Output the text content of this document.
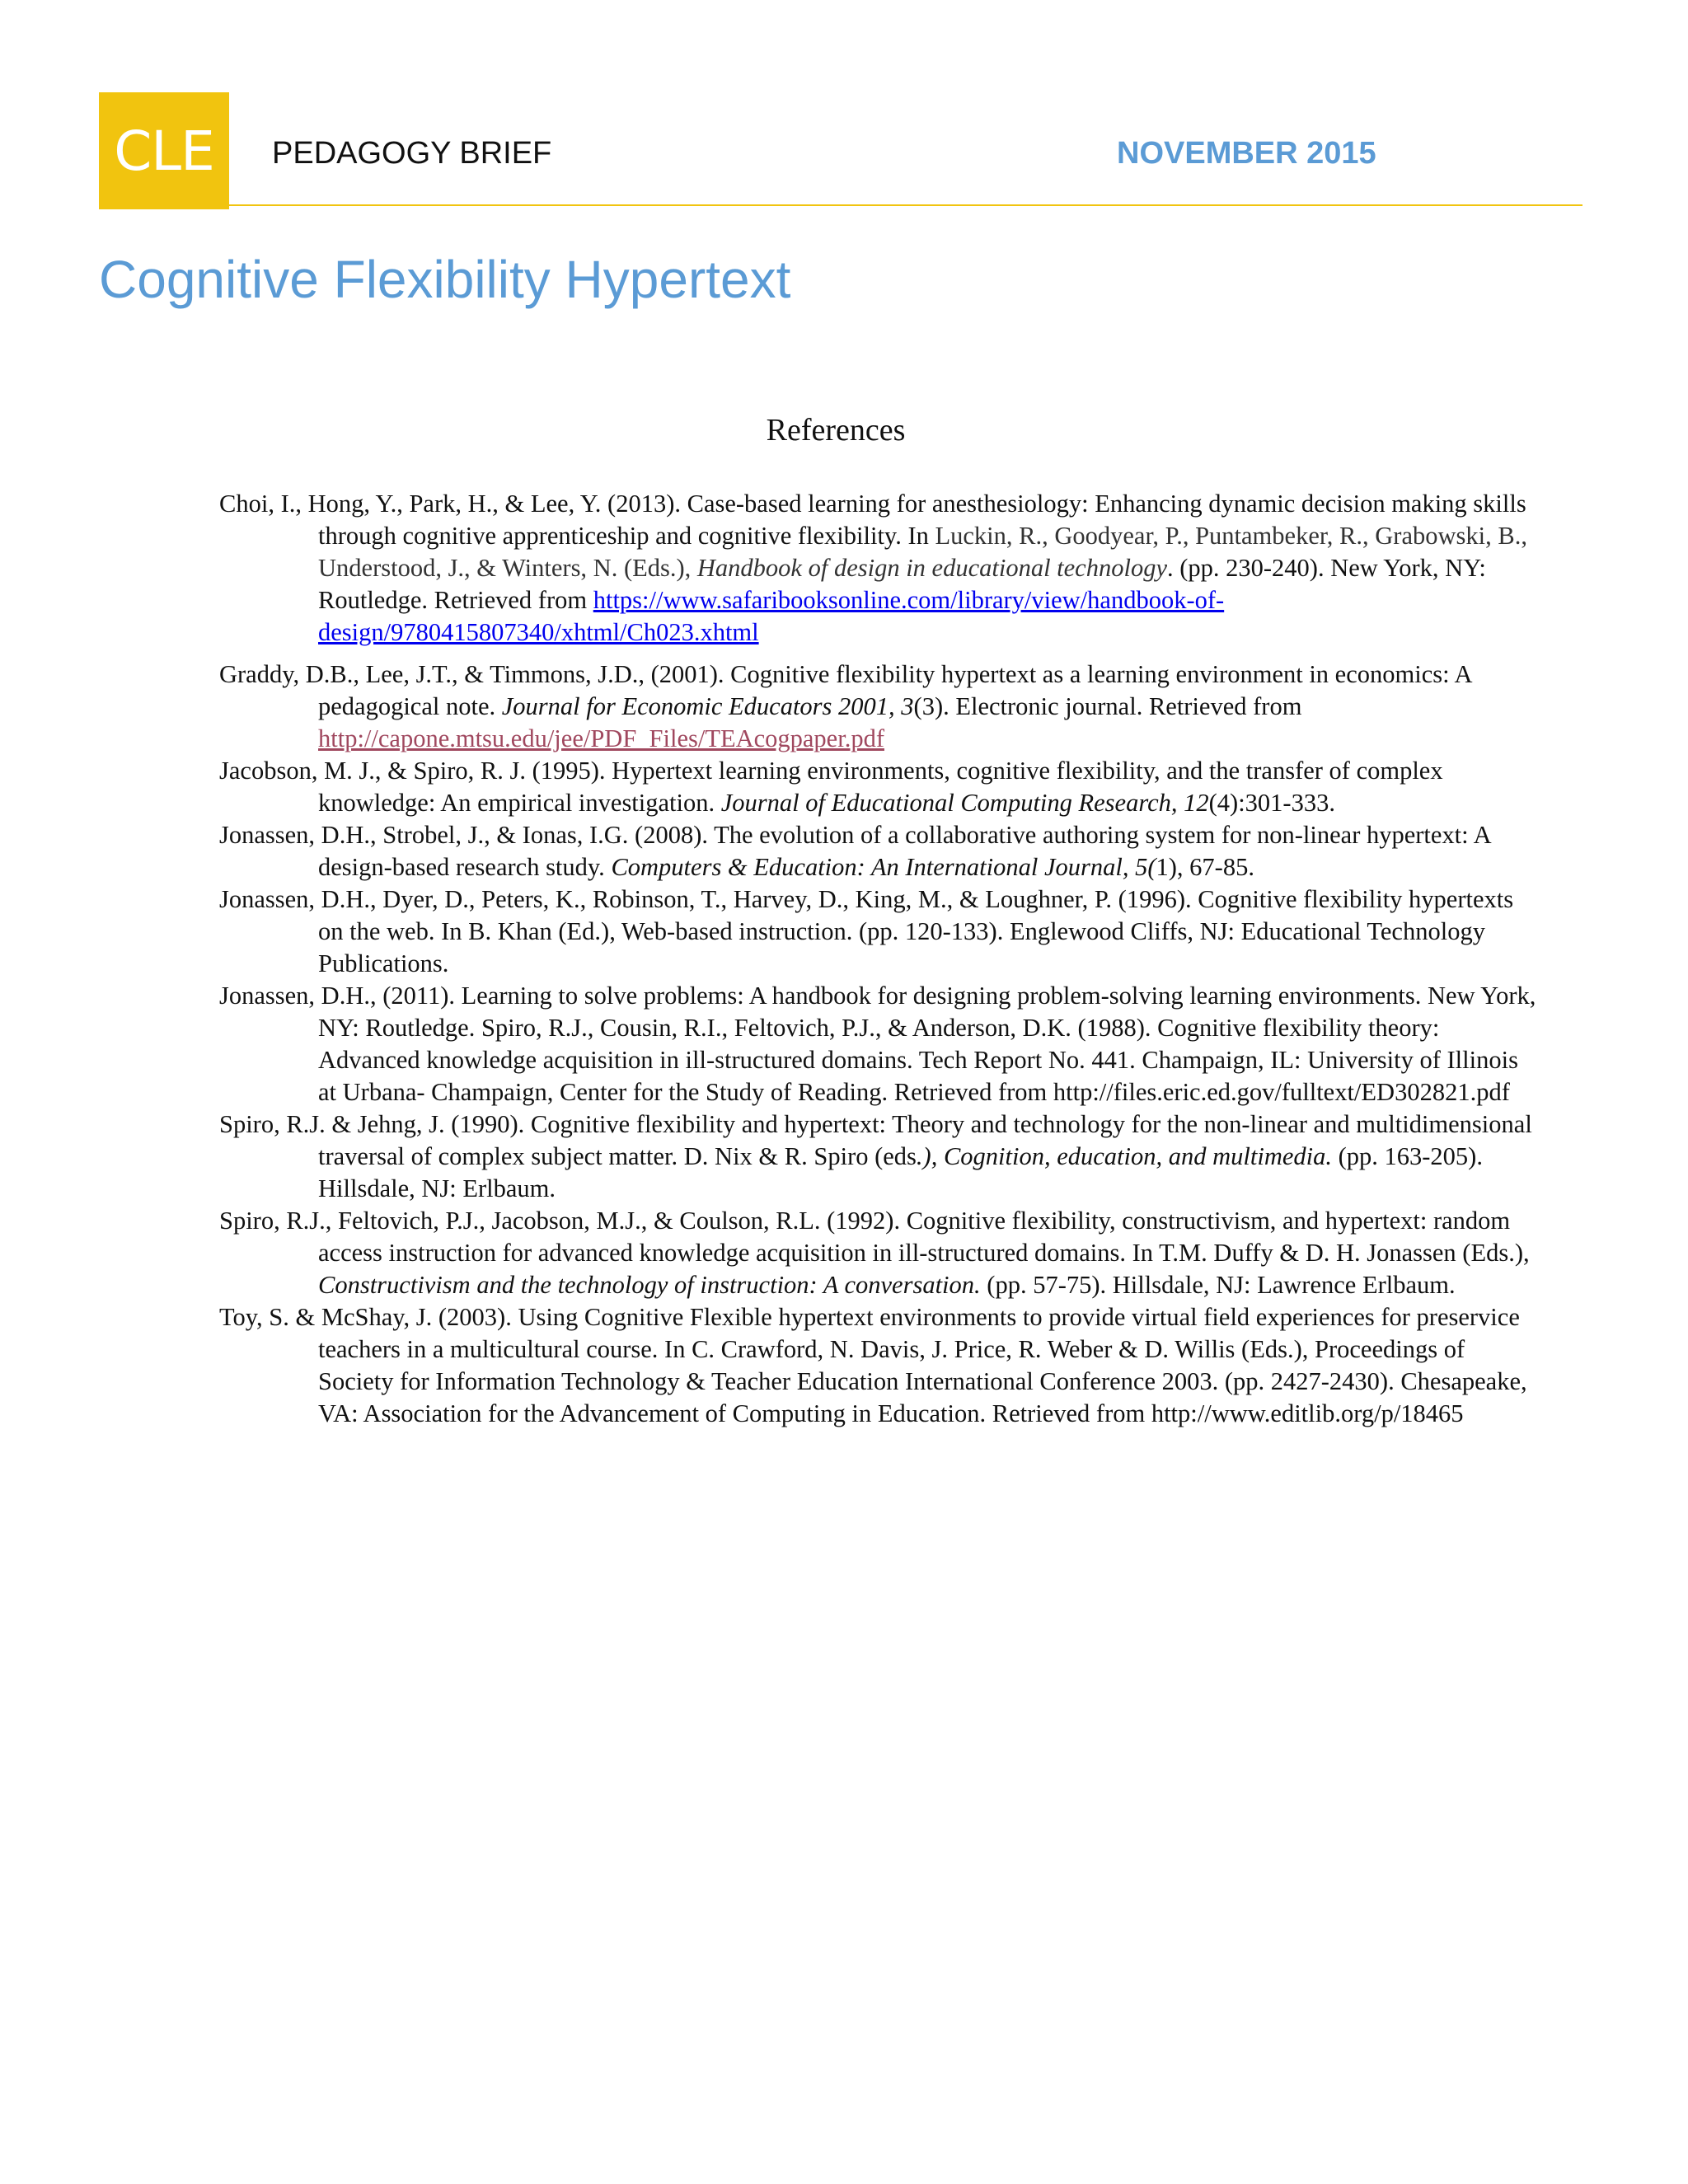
CLE	PEDAGOGY BRIEF	NOVEMBER 2015
Cognitive Flexibility Hypertext
References
Choi, I., Hong, Y., Park, H., & Lee, Y. (2013). Case-based learning for anesthesiology: Enhancing dynamic decision making skills through cognitive apprenticeship and cognitive flexibility. In Luckin, R., Goodyear, P., Puntambeker, R., Grabowski, B., Understood, J., & Winters, N. (Eds.), Handbook of design in educational technology. (pp. 230-240). New York, NY: Routledge. Retrieved from https://www.safaribooksonline.com/library/view/handbook-of-design/9780415807340/xhtml/Ch023.xhtml
Graddy, D.B., Lee, J.T., & Timmons, J.D., (2001). Cognitive flexibility hypertext as a learning environment in economics: A pedagogical note. Journal for Economic Educators 2001, 3(3). Electronic journal. Retrieved from http://capone.mtsu.edu/jee/PDF_Files/TEAcogpaper.pdf
Jacobson, M. J., & Spiro, R. J. (1995). Hypertext learning environments, cognitive flexibility, and the transfer of complex knowledge: An empirical investigation. Journal of Educational Computing Research, 12(4):301-333.
Jonassen, D.H., Strobel, J., & Ionas, I.G. (2008). The evolution of a collaborative authoring system for non-linear hypertext: A design-based research study. Computers & Education: An International Journal, 5(1), 67-85.
Jonassen, D.H., Dyer, D., Peters, K., Robinson, T., Harvey, D., King, M., & Loughner, P. (1996). Cognitive flexibility hypertexts on the web. In B. Khan (Ed.), Web-based instruction. (pp. 120-133). Englewood Cliffs, NJ: Educational Technology Publications.
Jonassen, D.H., (2011). Learning to solve problems: A handbook for designing problem-solving learning environments. New York, NY: Routledge. Spiro, R.J., Cousin, R.I., Feltovich, P.J., & Anderson, D.K. (1988). Cognitive flexibility theory: Advanced knowledge acquisition in ill-structured domains. Tech Report No. 441. Champaign, IL: University of Illinois at Urbana- Champaign, Center for the Study of Reading. Retrieved from http://files.eric.ed.gov/fulltext/ED302821.pdf
Spiro, R.J. & Jehng, J. (1990). Cognitive flexibility and hypertext: Theory and technology for the non-linear and multidimensional traversal of complex subject matter. D. Nix & R. Spiro (eds.), Cognition, education, and multimedia. (pp. 163-205). Hillsdale, NJ: Erlbaum.
Spiro, R.J., Feltovich, P.J., Jacobson, M.J., & Coulson, R.L. (1992). Cognitive flexibility, constructivism, and hypertext: random access instruction for advanced knowledge acquisition in ill-structured domains. In T.M. Duffy & D. H. Jonassen (Eds.), Constructivism and the technology of instruction: A conversation. (pp. 57-75). Hillsdale, NJ: Lawrence Erlbaum.
Toy, S. & McShay, J. (2003). Using Cognitive Flexible hypertext environments to provide virtual field experiences for preservice teachers in a multicultural course. In C. Crawford, N. Davis, J. Price, R. Weber & D. Willis (Eds.), Proceedings of Society for Information Technology & Teacher Education International Conference 2003. (pp. 2427-2430). Chesapeake, VA: Association for the Advancement of Computing in Education. Retrieved from http://www.editlib.org/p/18465
